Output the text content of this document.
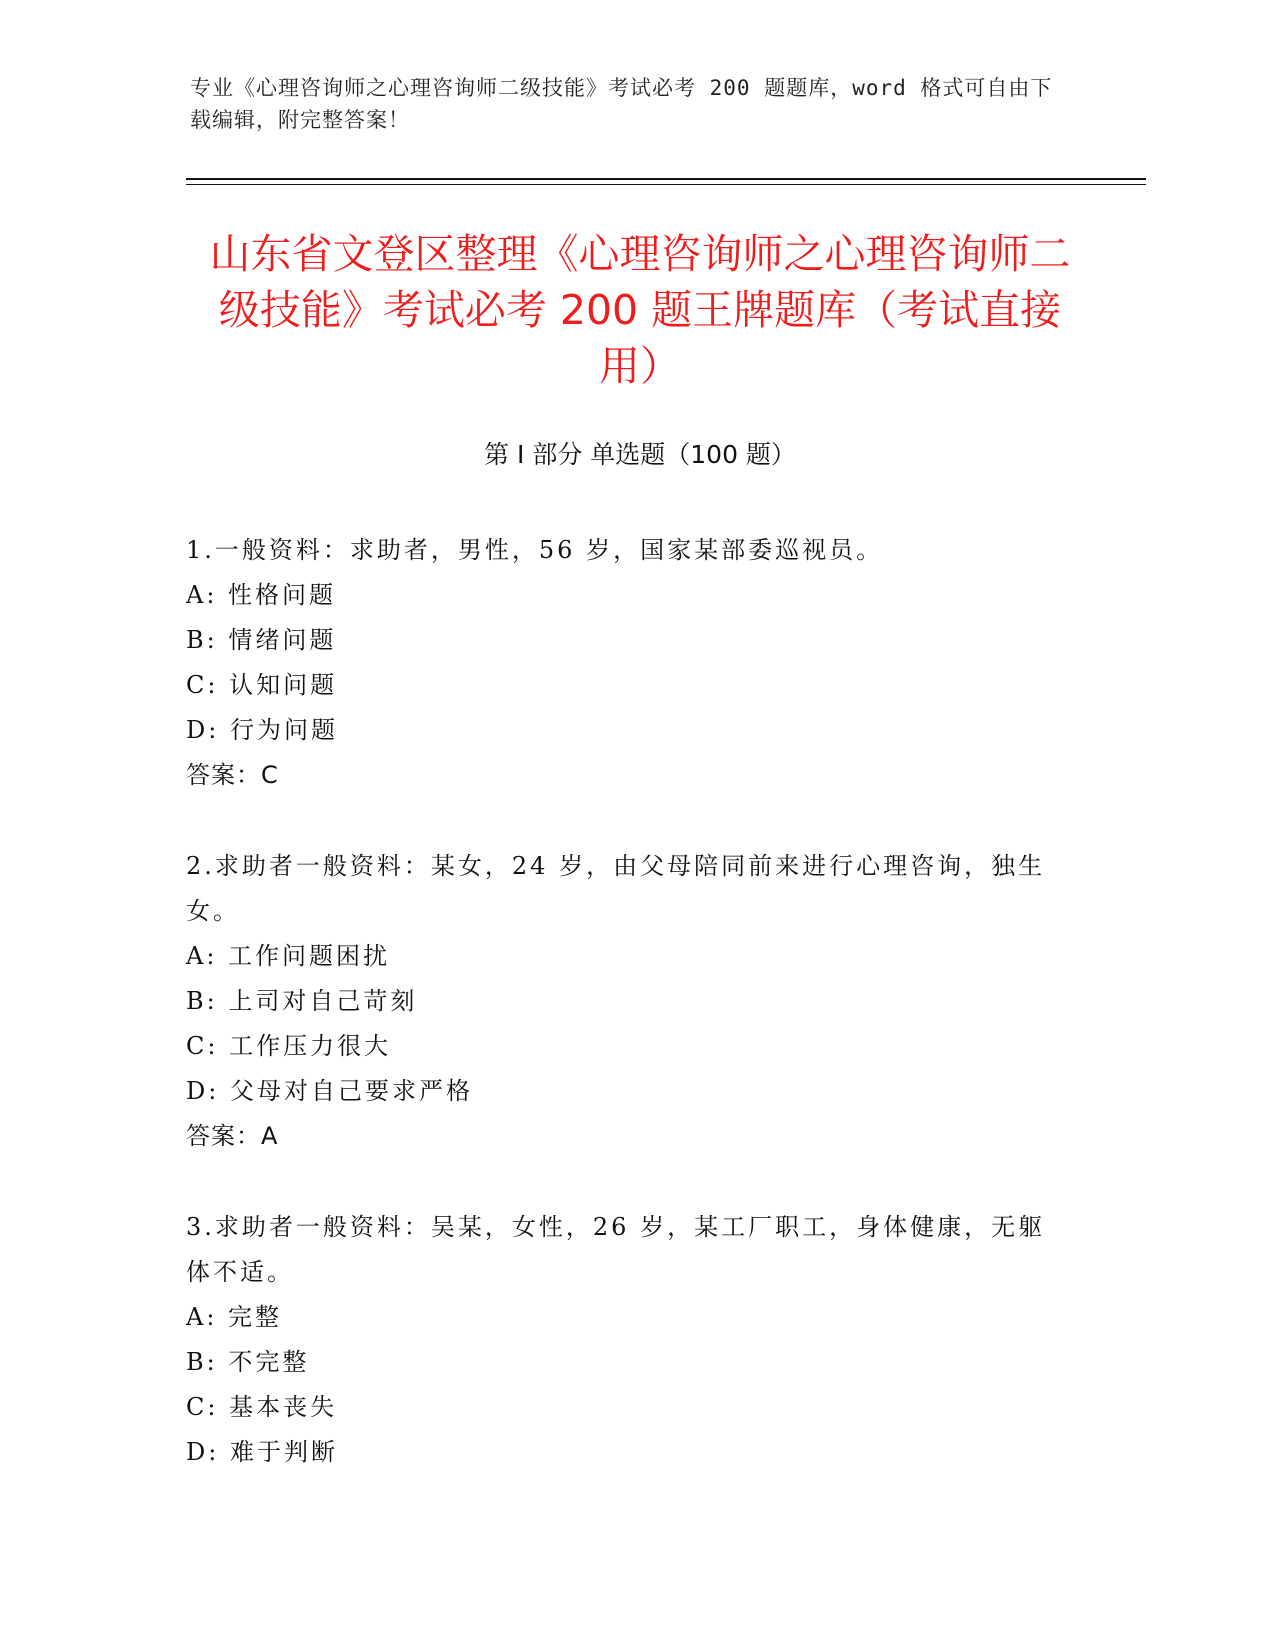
专业《心理咨询师之心理咨询师二级技能》考试必考 200 题题库，word 格式可自由下载编辑，附完整答案！
山东省文登区整理《心理咨询师之心理咨询师二级技能》考试必考 200 题王牌题库（考试直接用）
第 I 部分 单选题（100 题）

1.一般资料：求助者，男性，56 岁，国家某部委巡视员。

A: 性格问题

B: 情绪问题

C: 认知问题

D: 行为问题

答案：C

2.求助者一般资料：某女，24 岁，由父母陪同前来进行心理咨询，独生女。

A: 工作问题困扰

B: 上司对自己苛刻

C: 工作压力很大

D: 父母对自己要求严格

答案：A

3.求助者一般资料：吴某，女性，26 岁，某工厂职工，身体健康，无躯体不适。

A: 完整

B: 不完整

C: 基本丧失

D: 难于判断
